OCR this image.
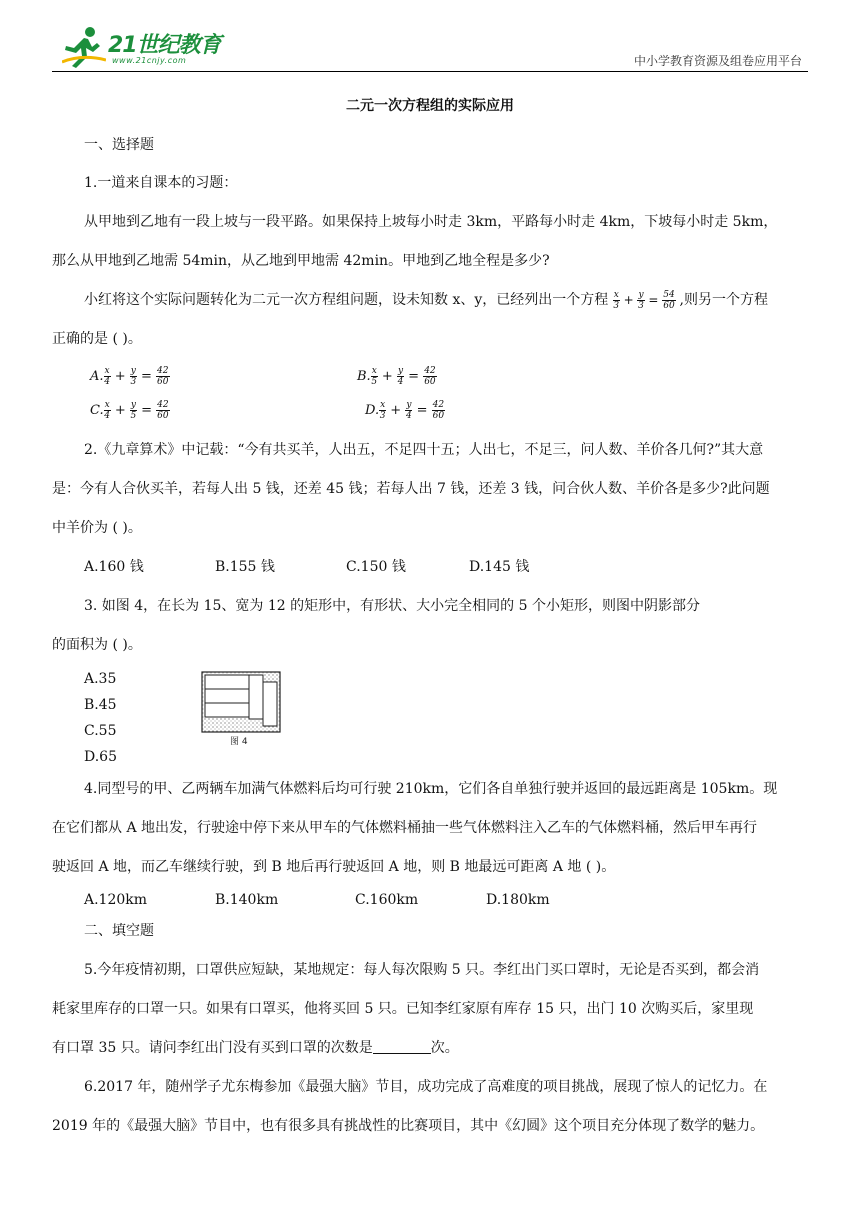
21世纪教育
www.21cnjy.com	中小学教育资源及组卷应用平台
二元一次方程组的实际应用
一、选择题
1.一道来自课本的习题：
从甲地到乙地有一段上坡与一段平路。如果保持上坡每小时走 3km，平路每小时走 4km，下坡每小时走 5km，
那么从甲地到乙地需 54min，从乙地到甲地需 42min。甲地到乙地全程是多少?
小红将这个实际问题转化为二元一次方程组问题，设未知数 x、y，已经列出一个方程 $\frac{x}{3} + \frac{y}{3} = \frac{54}{60}$ ,则另一个方程
正确的是 ( )。
A. $\frac{x}{4} + \frac{y}{3} = \frac{42}{60}$	B. $\frac{x}{5} + \frac{y}{4} = \frac{42}{60}$
C. $\frac{x}{4} + \frac{y}{5} = \frac{42}{60}$	D. $\frac{x}{3} + \frac{y}{4} = \frac{42}{60}$
2.《九章算术》中记载：“今有共买羊，人出五，不足四十五；人出七，不足三，问人数、羊价各几何?”其大意
是：今有人合伙买羊，若每人出 5 钱，还差 45 钱；若每人出 7 钱，还差 3 钱，问合伙人数、羊价各是多少?此问题
中羊价为 ( )。
A.160 钱	B.155 钱	C.150 钱	D.145 钱
3. 如图 4，在长为 15、宽为 12 的矩形中，有形状、大小完全相同的 5 个小矩形，则图中阴影部分
的面积为 ( )。
A.35
B.45
C.55
D.65
图 4
4.同型号的甲、乙两辆车加满气体燃料后均可行驶 210km，它们各自单独行驶并返回的最远距离是 105km。现
在它们都从 A 地出发，行驶途中停下来从甲车的气体燃料桶抽一些气体燃料注入乙车的气体燃料桶，然后甲车再行
驶返回 A 地，而乙车继续行驶，到 B 地后再行驶返回 A 地，则 B 地最远可距离 A 地 ( )。
A.120km	B.140km	C.160km	D.180km
二、填空题
5.今年疫情初期，口罩供应短缺，某地规定：每人每次限购 5 只。李红出门买口罩时，无论是否买到，都会消
耗家里库存的口罩一只。如果有口罩买，他将买回 5 只。已知李红家原有库存 15 只，出门 10 次购买后，家里现
有口罩 35 只。请问李红出门没有买到口罩的次数是	次。
6.2017 年，随州学子尤东梅参加《最强大脑》节目，成功完成了高难度的项目挑战，展现了惊人的记忆力。在
2019 年的《最强大脑》节目中，也有很多具有挑战性的比赛项目，其中《幻圆》这个项目充分体现了数学的魅力。
